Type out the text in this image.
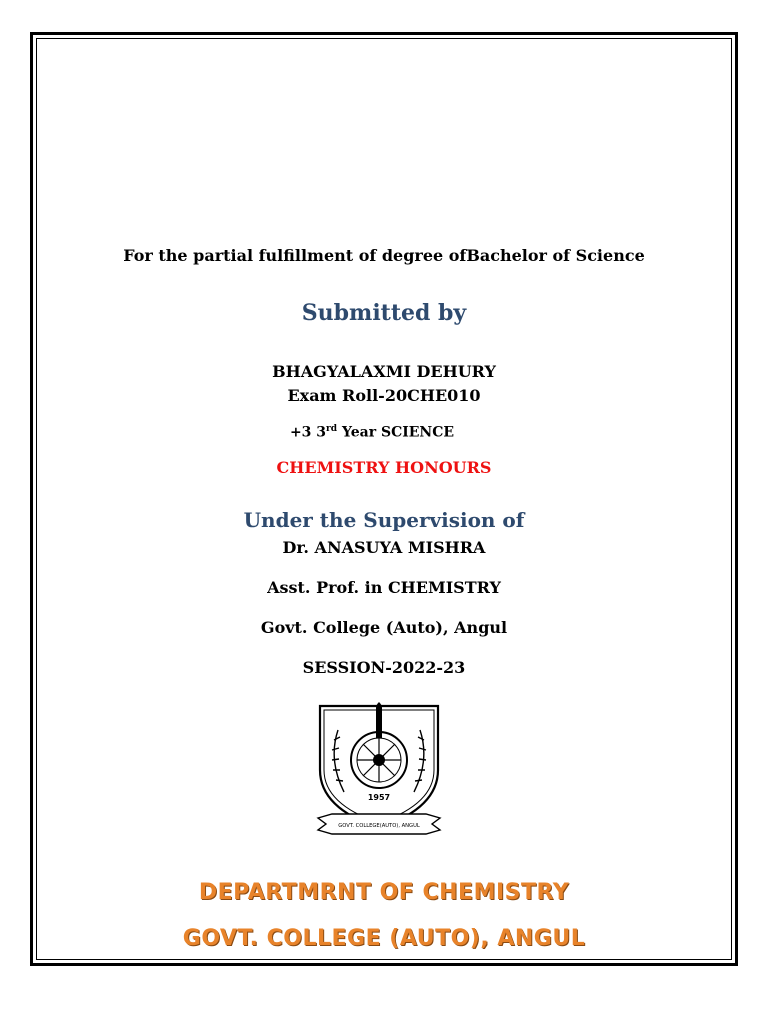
For the partial fulfillment of degree ofBachelor of Science
Submitted by
BHAGYALAXMI DEHURY
Exam Roll-20CHE010
+3 3rd Year SCIENCE
CHEMISTRY HONOURS
Under the Supervision of
Dr. ANASUYA MISHRA
Asst. Prof. in CHEMISTRY
Govt. College (Auto), Angul
SESSION-2022-23
1957
GOVT. COLLEGE(AUTO), ANGUL
DEPARTMRNT OF CHEMISTRY
GOVT. COLLEGE (AUTO), ANGUL
